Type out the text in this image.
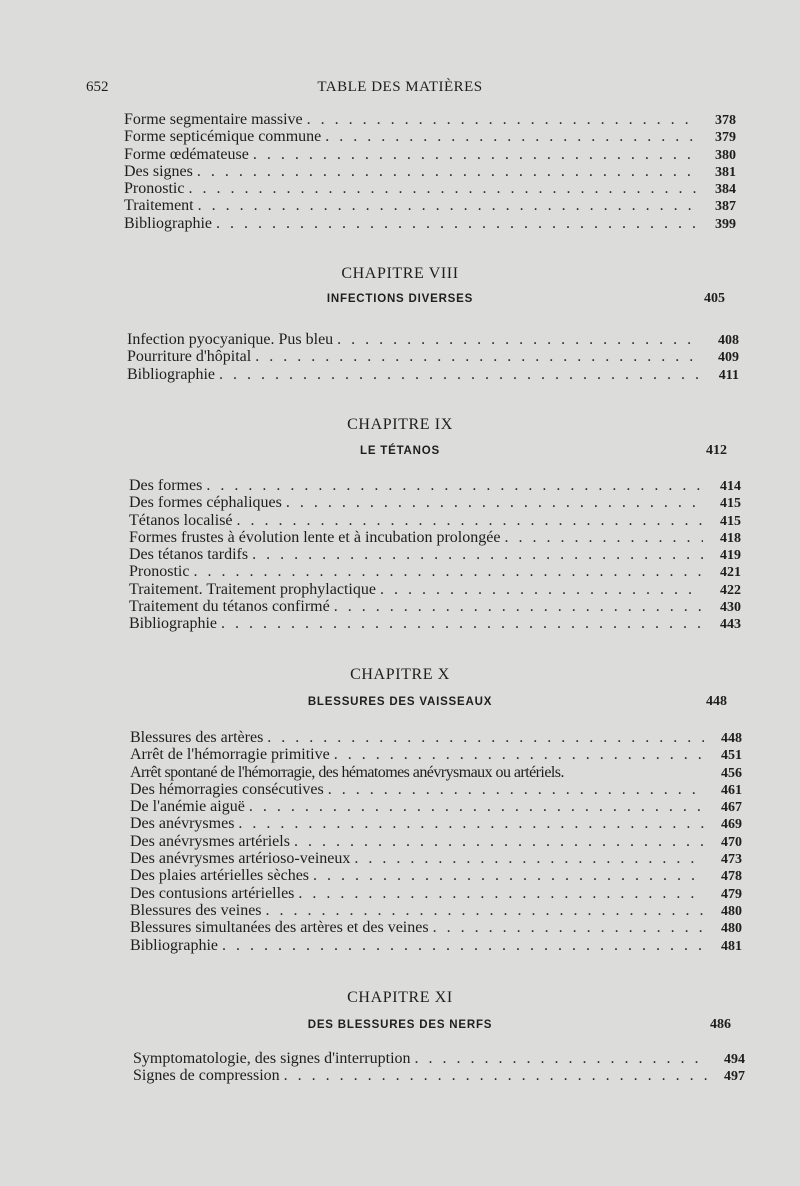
652	TABLE DES MATIÈRES
Forme segmentaire massive . . .	378
Forme septicémique commune . . .	379
Forme œdémateuse . . .	380
Des signes . . .	381
Pronostic . . .	384
Traitement . . .	387
Bibliographie . . .	399
CHAPITRE VIII
INFECTIONS DIVERSES	405
Infection pyocyanique. Pus bleu . . .	408
Pourriture d'hôpital . . .	409
Bibliographie . . .	411
CHAPITRE IX
LE TÉTANOS	412
Des formes . . .	414
Des formes céphaliques . . .	415
Tétanos localisé . . .	415
Formes frustes à évolution lente et à incubation prolongée . . .	418
Des tétanos tardifs . . .	419
Pronostic . . .	421
Traitement. Traitement prophylactique . . .	422
Traitement du tétanos confirmé . . .	430
Bibliographie . . .	443
CHAPITRE X
BLESSURES DES VAISSEAUX	448
Blessures des artères . . .	448
Arrêt de l'hémorragie primitive . . .	451
Arrêt spontané de l'hémorragie, des hématomes anévrysmaux ou artériels.	456
Des hémorragies consécutives . . .	461
De l'anémie aiguë . . .	467
Des anévrysmes . . .	469
Des anévrysmes artériels . . .	470
Des anévrysmes artérioso-veineux . . .	473
Des plaies artérielles sèches . . .	478
Des contusions artérielles . . .	479
Blessures des veines . . .	480
Blessures simultanées des artères et des veines . . .	480
Bibliographie . . .	481
CHAPITRE XI
DES BLESSURES DES NERFS	486
Symptomatologie, des signes d'interruption . . .	494
Signes de compression . . .	497
